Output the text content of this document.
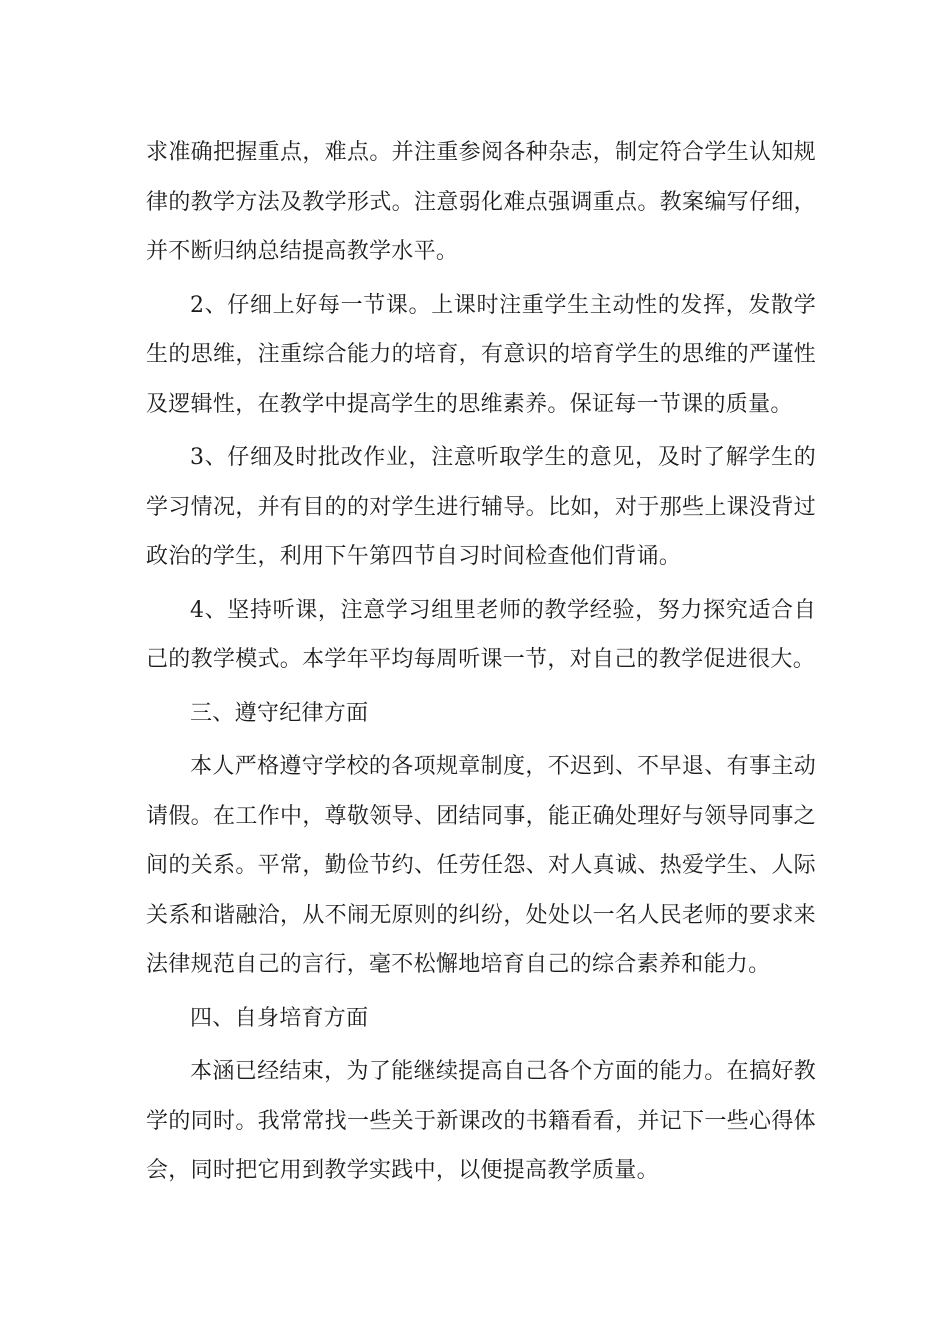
求准确把握重点，难点。并注重参阅各种杂志，制定符合学生认知规律的教学方法及教学形式。注意弱化难点强调重点。教案编写仔细，并不断归纳总结提高教学水平。

2、仔细上好每一节课。上课时注重学生主动性的发挥，发散学生的思维，注重综合能力的培育，有意识的培育学生的思维的严谨性及逻辑性，在教学中提高学生的思维素养。保证每一节课的质量。

3、仔细及时批改作业，注意听取学生的意见，及时了解学生的学习情况，并有目的的对学生进行辅导。比如，对于那些上课没背过政治的学生，利用下午第四节自习时间检查他们背诵。

4、坚持听课，注意学习组里老师的教学经验，努力探究适合自己的教学模式。本学年平均每周听课一节，对自己的教学促进很大。

三、遵守纪律方面

本人严格遵守学校的各项规章制度，不迟到、不早退、有事主动请假。在工作中，尊敬领导、团结同事，能正确处理好与领导同事之间的关系。平常，勤俭节约、任劳任怨、对人真诚、热爱学生、人际关系和谐融洽，从不闹无原则的纠纷，处处以一名人民老师的要求来法律规范自己的言行，毫不松懈地培育自己的综合素养和能力。

四、自身培育方面

本涵已经结束，为了能继续提高自己各个方面的能力。在搞好教学的同时。我常常找一些关于新课改的书籍看看，并记下一些心得体会，同时把它用到教学实践中，以便提高教学质量。
